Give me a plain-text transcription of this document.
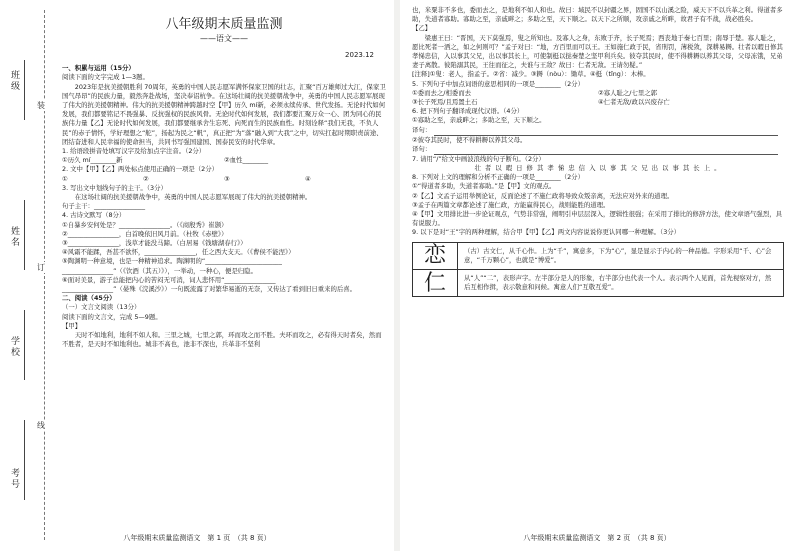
班级
姓名
学校
考号
装
订
线
八年级期末质量监测
——语文——
2023.12

一、积累与运用（15分）

阅读下面的文字完成 1—3题。

2023年是抗美援朝胜利 70周年，英勇的中国人民志愿军满怀保家卫国的壮志，汇聚“百万雄师过大江，保家卫国气昂昂”的民族力量，毅然奔赴战场，坚决奉诏杭争。在这场壮阔的抗美援朝战争中，英勇的中国人民志愿军展现了伟大的抗美援朝精神。伟大的抗美援朝精神跨越时空【甲】历久 mí新，必须永续传承、世代发扬。无论时代如何发展，我们都要铭记不畏强暴、反抗强权的民族风骨。无论时代如何发展，我们都要汇聚万众一心、团为同心的民族伟力量【乙】无论时代如何发展，我们都要继承舍生忘死、向死而生的民族血性。时刻诠释“我们无我，不负人民”的赤子情怀，学好理想之“舵”，扬起为民之“帆”，真正把“为”落“融入到”大我”之中，切实扛起时期职责前途、团结奋进和人民幸福的使命担当，共同书写强国建国、国泰民安的时代华章。

1. 给语段拼音处填写汉字及给加点字注音。（2分）

①历久 mí________新	②血性________

2. 文中【甲】【乙】两处标点使用正确的一项是（2分）

①	②	③	④

3. 写出文中划线句子的主干。（3分）

在这场壮阔的抗美援朝战争中，英勇的中国人民志愿军展现了伟大的抗美援朝精神。

句子主干：________________

4. 古诗文默写（8分）

①自暴乡安何处是？________________。（《商殷秀》崔颢）

②________________，白首晚依旧风月前。（杜牧《赤壁》）

③________________，浅草才能没马蹄。（白居易《钱塘湖春行》）

④风霜不能蹂，吾甚不欲怀，________________，任之西大支天。（《曹侯不能涅》）

⑤陶渊明一种意境，也是一种精神追求。陶渊明的“________________________

________________”（《饮酒（其五）》），一举动，一种心，便是归隐。

⑥面对美景，游子总能把内心的苦闷无可消，词人悲怀用“________________

________________”（晏殊《浣溪沙》）一句既流露了对繁华易逝的无奈，又传达了看到旧日重来的后喜。

二、阅读（45分）

（一）文言文阅读（13分）

阅读下面的文言文，完成 5—9题。

【甲】

天时不如地利，地利不如人和。三里之城，七里之郭，环而攻之而不胜。夫环而攻之，必有得天时者矣，然而不胜者，是天时不如地利也。城非不高也，池非不深也，兵革非不坚利

八年级期末质量监测语文　第 1 页　（共 8 页）

也，米粟非不多也，委而去之，是地利不如人和也。故曰：域民不以封疆之界，固国不以山溪之险，威天下不以兵革之利。得道者多助，失道者寡助。寡助之至，亲戚畔之；多助之至，天下顺之。以天下之所顺，攻亲戚之所畔，故君子有不战，战必胜矣。

【乙】

梁惠王曰：“晋国，天下莫强焉，叟之所知也。及寡人之身，东败于齐，长子死焉；西丧地于秦七百里；南辱于楚。寡人耻之，愿比死者一洒之，如之何则可？”孟子对曰：“地，方百里而可以王。王如施仁政于民，省刑罚，薄税敛，深耕易耨。壮者以暇日修其孝悌忠信，入以事其父兄，出以事其长上，可使制梃以挞秦楚之坚甲利兵矣。彼夺其民时，使不得耕耨以养其父母，父母冻饿，兄弟妻子离散。彼陷溺其民，王往而征之，夫谁与王敌？故曰：仁者无敌。王请勿疑。”

[注释]①叟：老人，指孟子。②省：减少。③耨（nòu）：锄草。④梃（tǐng）：木棒。

5. 下列句子中加点词语的意思相同的一项是________（2分）

①委而去之/相委而去	②寡人耻之/七里之郭
③长子死焉/且焉置土石	④仁者无敌/政以兴废存亡

6. 把下列句子翻译成现代汉语。（4分）

①寡助之至，亲戚畔之；多助之至，天下顺之。

译句：

②彼夺其民时，使不得耕耨以养其父母。

译句：

7. 请用“/”给文中画波浪线的句子断句。（2分）

壮 者 以 暇 日 修 其 孝 悌 忠 信 入 以 事 其 父 兄 出 以 事 其 长 上 。

8. 下列对上文的理解和分析不正确的一项是________（2分）

①“得道者多助，失道者寡助。”是【甲】文的观点。

②【乙】文孟子运用举例论证，反面论述了不施仁政将导致众叛亲离，无法应对外来的道理。

③孟子在两篇文章都论述了施仁政，方能赢得民心，战则能胜的道理。

④【甲】文用排比进一步论证观点，气势非常强，阐明引申层层深入，逻辑性很强；在采用了排比的修辞方法，使文章语气强烈，具有说服力。

9. 以下是对“王”字的两种理解，结合甲【甲】【乙】两文内容说说你更认同哪一种理解。（3分）

恋	（古）古文仁，从千心作。上为“千”，寓意多，下为“心”，显是显示于内心的一种品德。字形采用“千、心”会意，“千万颗心”，也就是“博爱”。
仁	从“人”“二”，表形声字。左半部分是人的形象，右半部分也代表一个人。表示两个人见面，首先视察对方，然后互相作揖，表示敬意和问候。寓意人们“互敬互爱”。
八年级期末质量监测语文　第 2 页　（共 8 页）
